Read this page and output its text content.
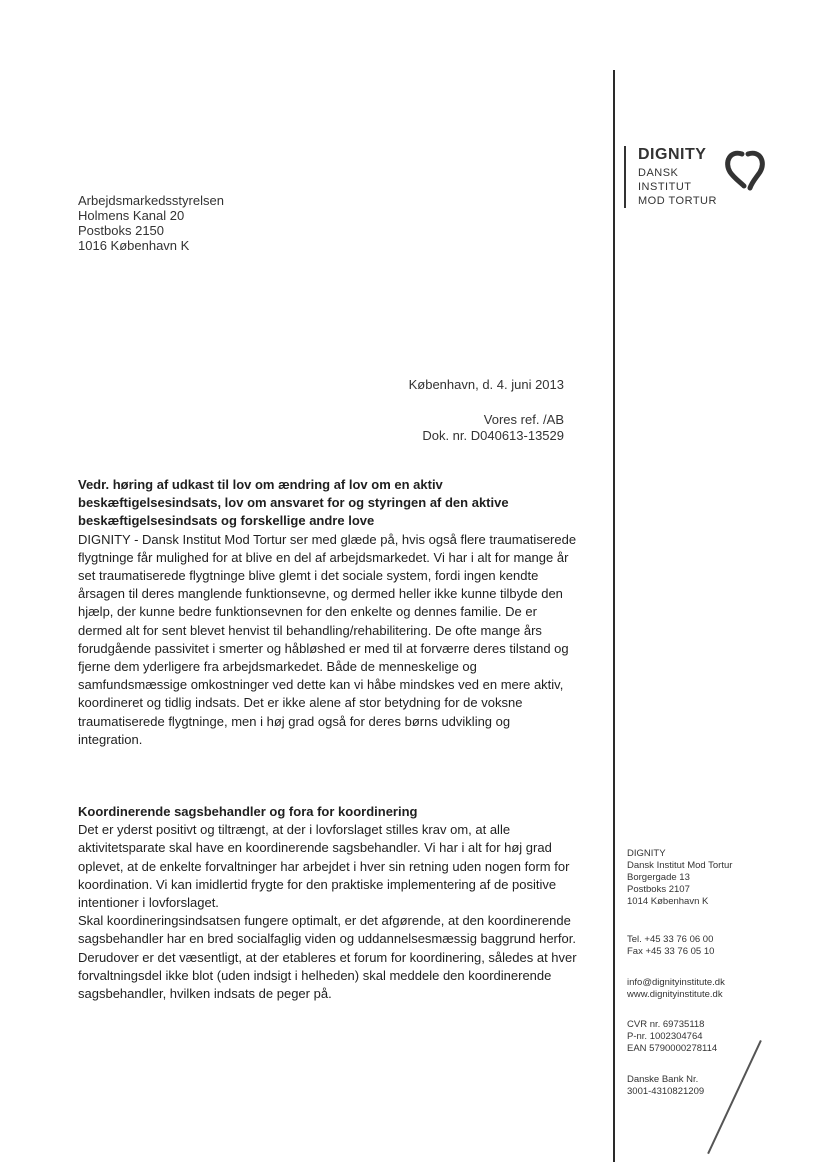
DIGNITY
DANSK
INSTITUT
MOD TORTUR
Arbejdsmarkedsstyrelsen
Holmens Kanal 20
Postboks 2150
1016 København K
København, d. 4. juni 2013
Vores ref. /AB
Dok. nr. D040613-13529

Vedr. høring af udkast til lov om ændring af lov om en aktiv beskæftigelsesindsats, lov om ansvaret for og styringen af den aktive beskæftigelsesindsats og forskellige andre love

DIGNITY - Dansk Institut Mod Tortur ser med glæde på, hvis også flere traumatiserede flygtninge får mulighed for at blive en del af arbejdsmarkedet. Vi har i alt for mange år set traumatiserede flygtninge blive glemt i det sociale system, fordi ingen kendte årsagen til deres manglende funktionsevne, og dermed heller ikke kunne tilbyde den hjælp, der kunne bedre funktionsevnen for den enkelte og dennes familie. De er dermed alt for sent blevet henvist til behandling/rehabilitering. De ofte mange års forudgående passivitet i smerter og håbløshed er med til at forværre deres tilstand og fjerne dem yderligere fra arbejdsmarkedet. Både de menneskelige og samfundsmæssige omkostninger ved dette kan vi håbe mindskes ved en mere aktiv, koordineret og tidlig indsats. Det er ikke alene af stor betydning for de voksne traumatiserede flygtninge, men i høj grad også for deres børns udvikling og integration.

Koordinerende sagsbehandler og fora for koordinering

Det er yderst positivt og tiltrængt, at der i lovforslaget stilles krav om, at alle aktivitetsparate skal have en koordinerende sagsbehandler. Vi har i alt for høj grad oplevet, at de enkelte forvaltninger har arbejdet i hver sin retning uden nogen form for koordination. Vi kan imidlertid frygte for den praktiske implementering af de positive intentioner i lovforslaget.

Skal koordineringsindsatsen fungere optimalt, er det afgørende, at den koordinerende sagsbehandler har en bred socialfaglig viden og uddannelsesmæssig baggrund herfor. Derudover er det væsentligt, at der etableres et forum for koordinering, således at hver forvaltningsdel ikke blot (uden indsigt i helheden) skal meddele den koordinerende sagsbehandler, hvilken indsats de peger på.

DIGNITY
Dansk Institut Mod Tortur
Borgergade 13
Postboks 2107
1014 København K
Tel. +45 33 76 06 00
Fax +45 33 76 05 10
info@dignityinstitute.dk
www.dignityinstitute.dk
CVR nr. 69735118
P-nr. 1002304764
EAN 5790000278114
Danske Bank Nr.
3001-4310821209
